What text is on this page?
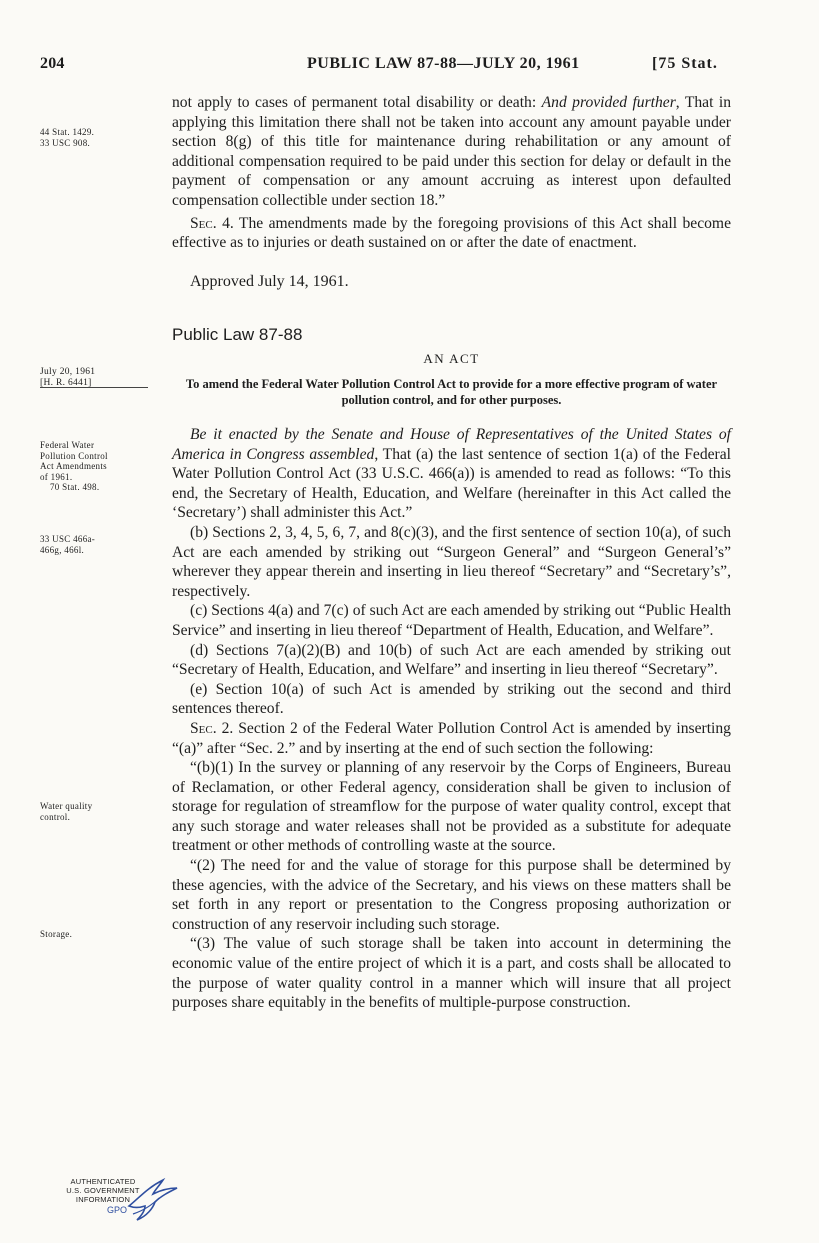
204	PUBLIC LAW 87-88—JULY 20, 1961	[75 Stat.
44 Stat. 1429.
33 USC 908.

not apply to cases of permanent total disability or death: And provided further, That in applying this limitation there shall not be taken into account any amount payable under section 8(g) of this title for maintenance during rehabilitation or any amount of additional compensation required to be paid under this section for delay or default in the payment of compensation or any amount accruing as interest upon defaulted compensation collectible under section 18.”

Sec. 4. The amendments made by the foregoing provisions of this Act shall become effective as to injuries or death sustained on or after the date of enactment.

Approved July 14, 1961.
Public Law 87-88
July 20, 1961
[H. R. 6441]
AN ACT
To amend the Federal Water Pollution Control Act to provide for a more effective program of water pollution control, and for other purposes.
Federal Water
Pollution Control
Act Amendments
of 1961.
70 Stat. 498.
33 USC 466a-
466g, 466l.
Water quality
control.
Storage.

Be it enacted by the Senate and House of Representatives of the United States of America in Congress assembled, That (a) the last sentence of section 1(a) of the Federal Water Pollution Control Act (33 U.S.C. 466(a)) is amended to read as follows: “To this end, the Secretary of Health, Education, and Welfare (hereinafter in this Act called the ‘Secretary’) shall administer this Act.”

(b) Sections 2, 3, 4, 5, 6, 7, and 8(c)(3), and the first sentence of section 10(a), of such Act are each amended by striking out “Surgeon General” and “Surgeon General’s” wherever they appear therein and inserting in lieu thereof “Secretary” and “Secretary’s”, respectively.

(c) Sections 4(a) and 7(c) of such Act are each amended by striking out “Public Health Service” and inserting in lieu thereof “Department of Health, Education, and Welfare”.

(d) Sections 7(a)(2)(B) and 10(b) of such Act are each amended by striking out “Secretary of Health, Education, and Welfare” and inserting in lieu thereof “Secretary”.

(e) Section 10(a) of such Act is amended by striking out the second and third sentences thereof.

Sec. 2. Section 2 of the Federal Water Pollution Control Act is amended by inserting “(a)” after “Sec. 2.” and by inserting at the end of such section the following:

“(b)(1) In the survey or planning of any reservoir by the Corps of Engineers, Bureau of Reclamation, or other Federal agency, consideration shall be given to inclusion of storage for regulation of streamflow for the purpose of water quality control, except that any such storage and water releases shall not be provided as a substitute for adequate treatment or other methods of controlling waste at the source.

“(2) The need for and the value of storage for this purpose shall be determined by these agencies, with the advice of the Secretary, and his views on these matters shall be set forth in any report or presentation to the Congress proposing authorization or construction of any reservoir including such storage.

“(3) The value of such storage shall be taken into account in determining the economic value of the entire project of which it is a part, and costs shall be allocated to the purpose of water quality control in a manner which will insure that all project purposes share equitably in the benefits of multiple-purpose construction.

AUTHENTICATED
U.S. GOVERNMENT
INFORMATION
GPO
